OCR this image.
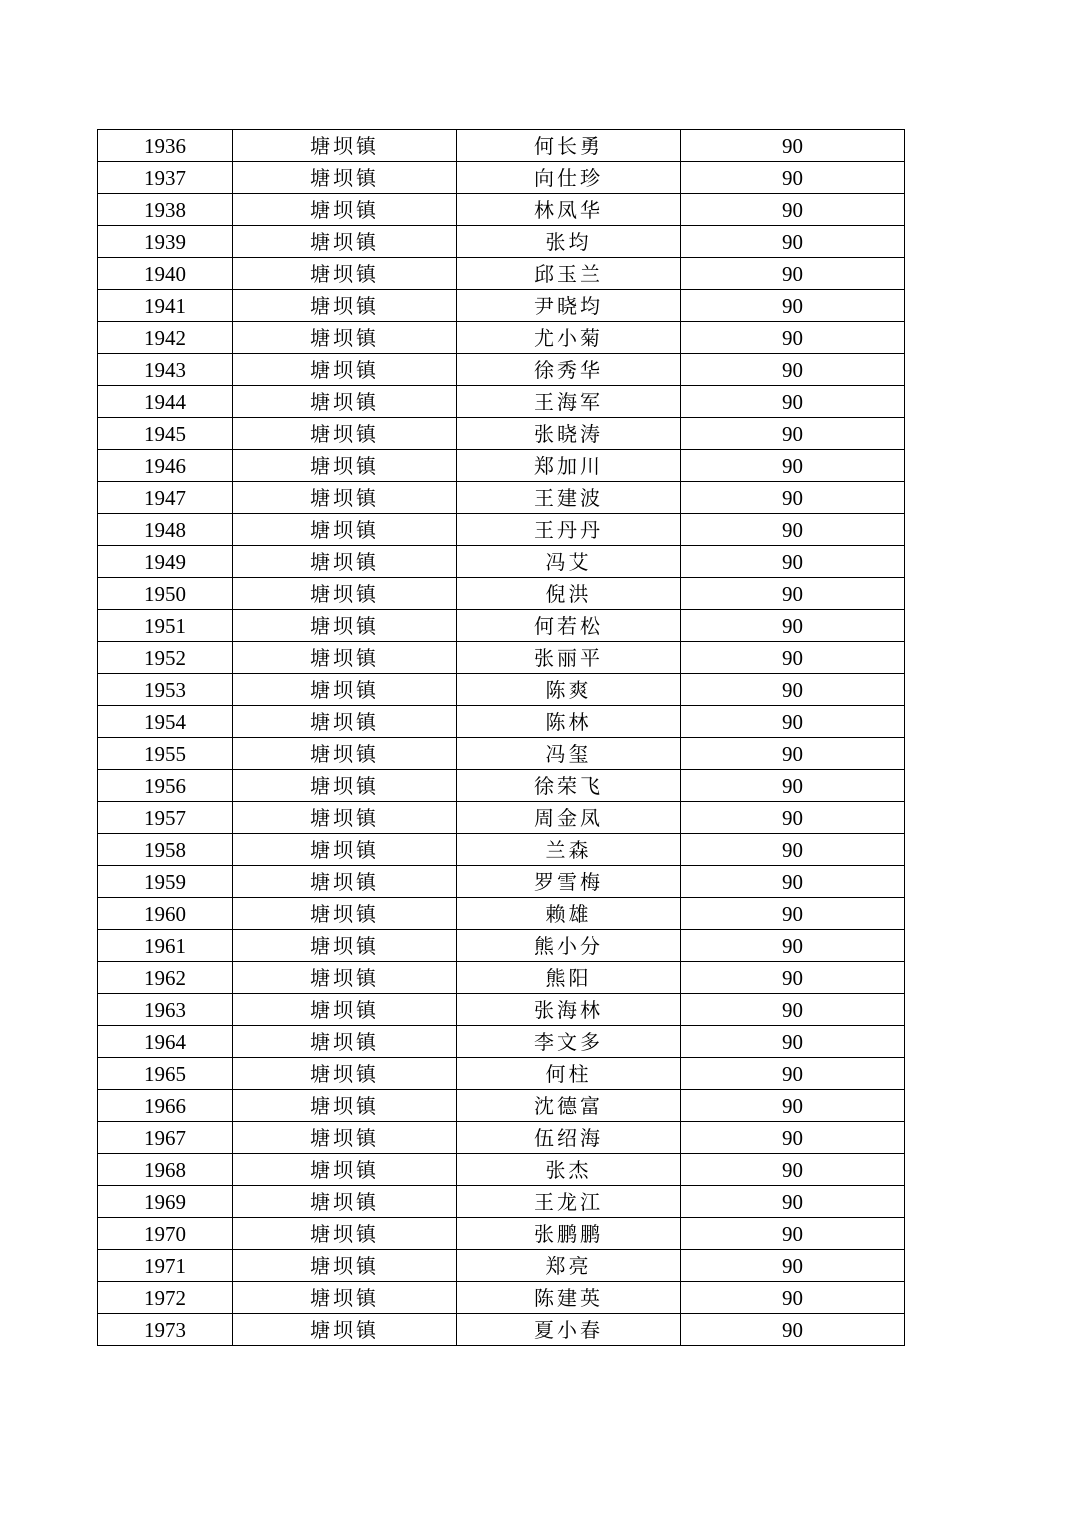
1936	塘坝镇	何长勇	90
1937	塘坝镇	向仕珍	90
1938	塘坝镇	林凤华	90
1939	塘坝镇	张均	90
1940	塘坝镇	邱玉兰	90
1941	塘坝镇	尹晓均	90
1942	塘坝镇	尤小菊	90
1943	塘坝镇	徐秀华	90
1944	塘坝镇	王海军	90
1945	塘坝镇	张晓涛	90
1946	塘坝镇	郑加川	90
1947	塘坝镇	王建波	90
1948	塘坝镇	王丹丹	90
1949	塘坝镇	冯艾	90
1950	塘坝镇	倪洪	90
1951	塘坝镇	何若松	90
1952	塘坝镇	张丽平	90
1953	塘坝镇	陈爽	90
1954	塘坝镇	陈林	90
1955	塘坝镇	冯玺	90
1956	塘坝镇	徐荣飞	90
1957	塘坝镇	周金凤	90
1958	塘坝镇	兰森	90
1959	塘坝镇	罗雪梅	90
1960	塘坝镇	赖雄	90
1961	塘坝镇	熊小分	90
1962	塘坝镇	熊阳	90
1963	塘坝镇	张海林	90
1964	塘坝镇	李文多	90
1965	塘坝镇	何柱	90
1966	塘坝镇	沈德富	90
1967	塘坝镇	伍绍海	90
1968	塘坝镇	张杰	90
1969	塘坝镇	王龙江	90
1970	塘坝镇	张鹏鹏	90
1971	塘坝镇	郑亮	90
1972	塘坝镇	陈建英	90
1973	塘坝镇	夏小春	90
